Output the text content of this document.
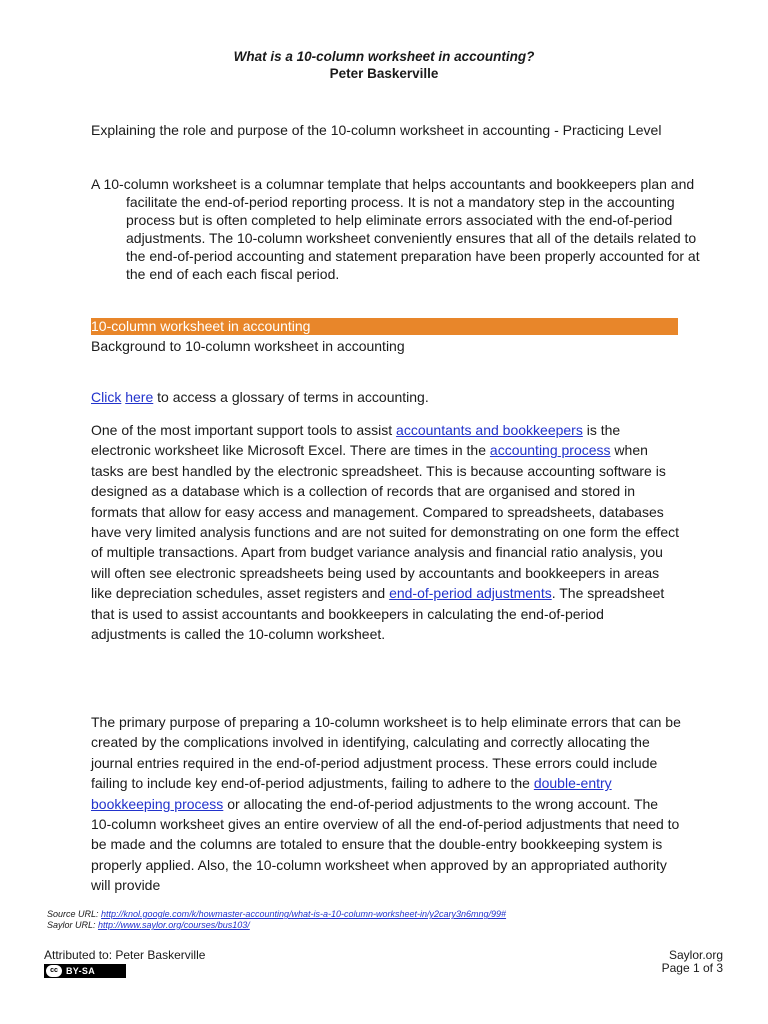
What is a 10-column worksheet in accounting?
Peter Baskerville
Explaining the role and purpose of the 10-column worksheet in accounting - Practicing Level
A 10-column worksheet is a columnar template that helps accountants and bookkeepers plan and facilitate the end-of-period reporting process. It is not a mandatory step in the accounting process but is often completed to help eliminate errors associated with the end-of-period adjustments. The 10-column worksheet conveniently ensures that all of the details related to the end-of-period accounting and statement preparation have been properly accounted for at the end of each each fiscal period.
10-column worksheet in accounting
Background to 10-column worksheet in accounting
Click here to access a glossary of terms in accounting.
One of the most important support tools to assist accountants and bookkeepers is the electronic worksheet like Microsoft Excel. There are times in the accounting process when tasks are best handled by the electronic spreadsheet. This is because accounting software is designed as a database which is a collection of records that are organised and stored in formats that allow for easy access and management. Compared to spreadsheets, databases have very limited analysis functions and are not suited for demonstrating on one form the effect of multiple transactions. Apart from budget variance analysis and financial ratio analysis, you will often see electronic spreadsheets being used by accountants and bookkeepers in areas like depreciation schedules, asset registers and end-of-period adjustments. The spreadsheet that is used to assist accountants and bookkeepers in calculating the end-of-period adjustments is called the 10-column worksheet.
The primary purpose of preparing a 10-column worksheet is to help eliminate errors that can be created by the complications involved in identifying, calculating and correctly allocating the journal entries required in the end-of-period adjustment process. These errors could include failing to include key end-of-period adjustments, failing to adhere to the double-entry bookkeeping process or allocating the end-of-period adjustments to the wrong account. The 10-column worksheet gives an entire overview of all the end-of-period adjustments that need to be made and the columns are totaled to ensure that the double-entry bookkeeping system is properly applied. Also, the 10-column worksheet when approved by an appropriated authority will provide
Source URL: http://knol.google.com/k/howmaster-accounting/what-is-a-10-column-worksheet-in/y2cary3n6mng/99#
Saylor URL: http://www.saylor.org/courses/bus103/
Attributed to: Peter Baskerville
cc BY-SA
Saylor.org
Page 1 of 3
